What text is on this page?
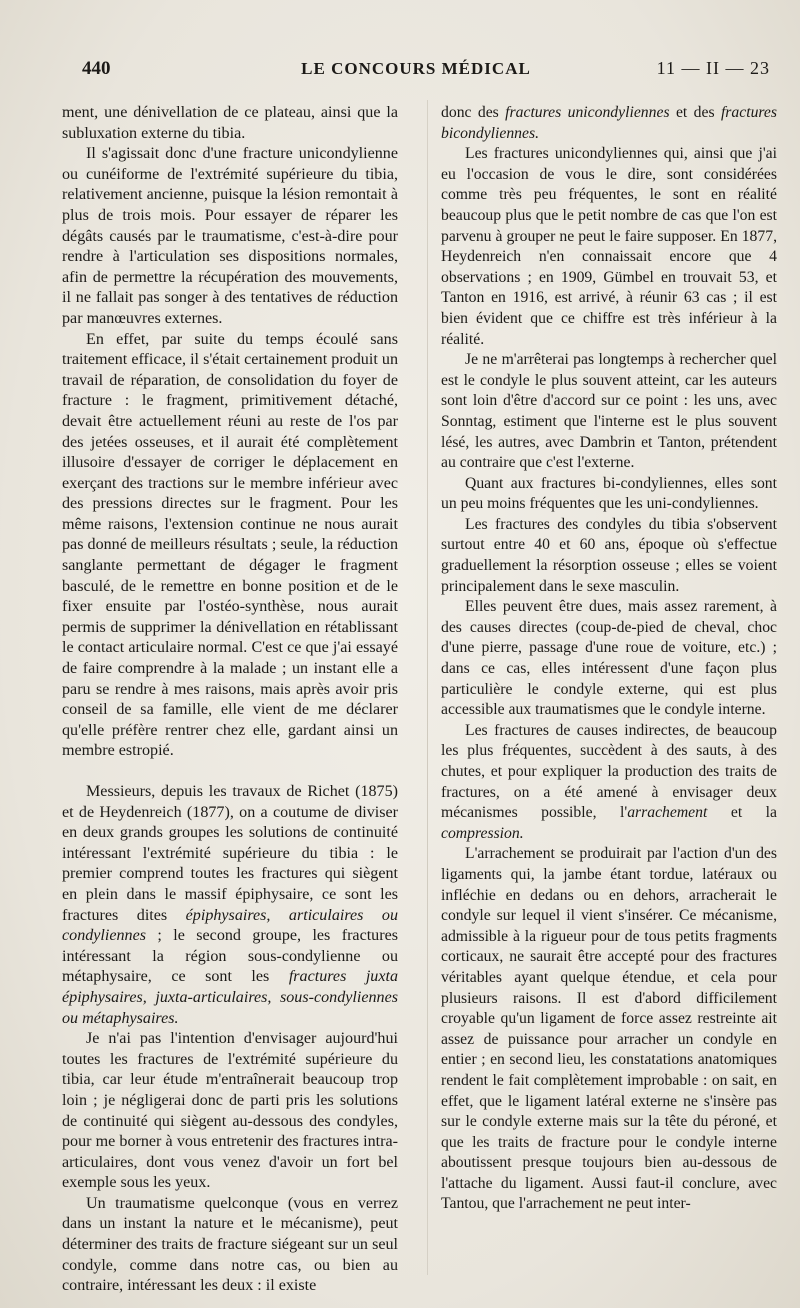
440	LE CONCOURS MÉDICAL	11 — II — 23

ment, une dénivellation de ce plateau, ainsi que la subluxation externe du tibia.

Il s'agissait donc d'une fracture unicondylienne ou cunéiforme de l'extrémité supérieure du tibia, relativement ancienne, puisque la lésion remontait à plus de trois mois. Pour essayer de réparer les dégâts causés par le traumatisme, c'est-à-dire pour rendre à l'articulation ses dispositions normales, afin de permettre la récupération des mouvements, il ne fallait pas songer à des tentatives de réduction par manœuvres externes.

En effet, par suite du temps écoulé sans traitement efficace, il s'était certainement produit un travail de réparation, de consolidation du foyer de fracture : le fragment, primitivement détaché, devait être actuellement réuni au reste de l'os par des jetées osseuses, et il aurait été complètement illusoire d'essayer de corriger le déplacement en exerçant des tractions sur le membre inférieur avec des pressions directes sur le fragment. Pour les même raisons, l'extension continue ne nous aurait pas donné de meilleurs résultats ; seule, la réduction sanglante permettant de dégager le fragment basculé, de le remettre en bonne position et de le fixer ensuite par l'ostéo-synthèse, nous aurait permis de supprimer la dénivellation en rétablissant le contact articulaire normal. C'est ce que j'ai essayé de faire comprendre à la malade ; un instant elle a paru se rendre à mes raisons, mais après avoir pris conseil de sa famille, elle vient de me déclarer qu'elle préfère rentrer chez elle, gardant ainsi un membre estropié.

Messieurs, depuis les travaux de Richet (1875) et de Heydenreich (1877), on a coutume de diviser en deux grands groupes les solutions de continuité intéressant l'extrémité supérieure du tibia : le premier comprend toutes les fractures qui siègent en plein dans le massif épiphysaire, ce sont les fractures dites épiphysaires, articulaires ou condyliennes ; le second groupe, les fractures intéressant la région sous-condylienne ou métaphysaire, ce sont les fractures juxta épiphysaires, juxta-articulaires, sous-condyliennes ou métaphysaires.

Je n'ai pas l'intention d'envisager aujourd'hui toutes les fractures de l'extrémité supérieure du tibia, car leur étude m'entraînerait beaucoup trop loin ; je négligerai donc de parti pris les solutions de continuité qui siègent au-dessous des condyles, pour me borner à vous entretenir des fractures intra-articulaires, dont vous venez d'avoir un fort bel exemple sous les yeux.

Un traumatisme quelconque (vous en verrez dans un instant la nature et le mécanisme), peut déterminer des traits de fracture siégeant sur un seul condyle, comme dans notre cas, ou bien au contraire, intéressant les deux : il existe

donc des fractures unicondyliennes et des fractures bicondyliennes.

Les fractures unicondyliennes qui, ainsi que j'ai eu l'occasion de vous le dire, sont considérées comme très peu fréquentes, le sont en réalité beaucoup plus que le petit nombre de cas que l'on est parvenu à grouper ne peut le faire supposer. En 1877, Heydenreich n'en connaissait encore que 4 observations ; en 1909, Gümbel en trouvait 53, et Tanton en 1916, est arrivé, à réunir 63 cas ; il est bien évident que ce chiffre est très inférieur à la réalité.

Je ne m'arrêterai pas longtemps à rechercher quel est le condyle le plus souvent atteint, car les auteurs sont loin d'être d'accord sur ce point : les uns, avec Sonntag, estiment que l'interne est le plus souvent lésé, les autres, avec Dambrin et Tanton, prétendent au contraire que c'est l'externe.

Quant aux fractures bi-condyliennes, elles sont un peu moins fréquentes que les uni-condyliennes.

Les fractures des condyles du tibia s'observent surtout entre 40 et 60 ans, époque où s'effectue graduellement la résorption osseuse ; elles se voient principalement dans le sexe masculin.

Elles peuvent être dues, mais assez rarement, à des causes directes (coup-de-pied de cheval, choc d'une pierre, passage d'une roue de voiture, etc.) ; dans ce cas, elles intéressent d'une façon plus particulière le condyle externe, qui est plus accessible aux traumatismes que le condyle interne.

Les fractures de causes indirectes, de beaucoup les plus fréquentes, succèdent à des sauts, à des chutes, et pour expliquer la production des traits de fractures, on a été amené à envisager deux mécanismes possible, l'arrachement et la compression.

L'arrachement se produirait par l'action d'un des ligaments qui, la jambe étant tordue, latéraux ou infléchie en dedans ou en dehors, arracherait le condyle sur lequel il vient s'insérer. Ce mécanisme, admissible à la rigueur pour de tous petits fragments corticaux, ne saurait être accepté pour des fractures véritables ayant quelque étendue, et cela pour plusieurs raisons. Il est d'abord difficilement croyable qu'un ligament de force assez restreinte ait assez de puissance pour arracher un condyle en entier ; en second lieu, les constatations anatomiques rendent le fait complètement improbable : on sait, en effet, que le ligament latéral externe ne s'insère pas sur le condyle externe mais sur la tête du péroné, et que les traits de fracture pour le condyle interne aboutissent presque toujours bien au-dessous de l'attache du ligament. Aussi faut-il conclure, avec Tantou, que l'arrachement ne peut inter-
